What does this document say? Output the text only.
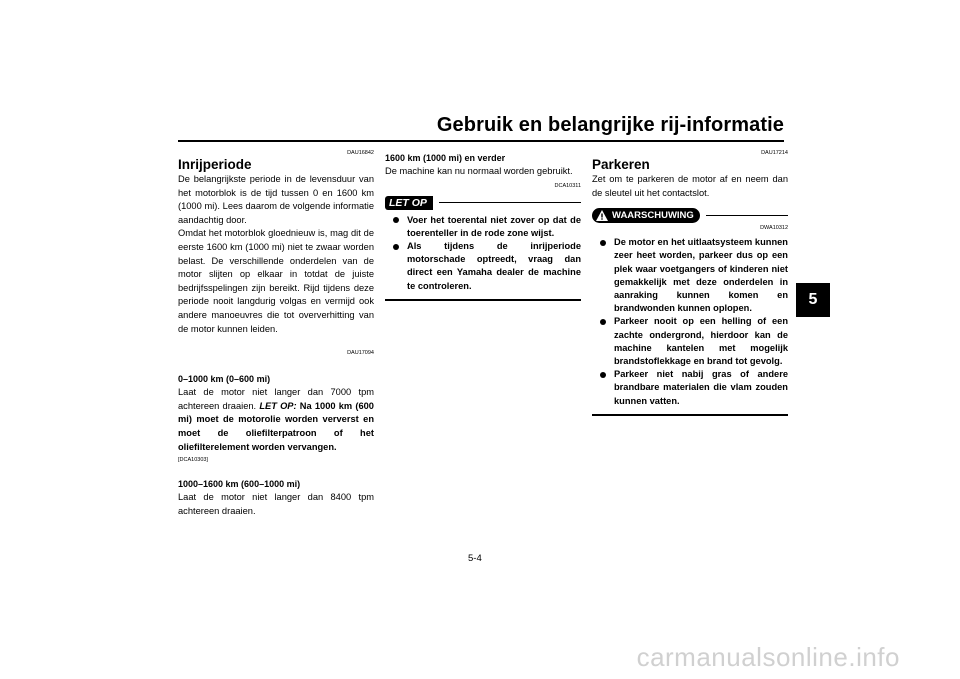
Gebruik en belangrijke rij-informatie
5

DAU16842

Inrijperiode

De belangrijkste periode in de levensduur van het motorblok is de tijd tussen 0 en 1600 km (1000 mi). Lees daarom de volgende informatie aandachtig door.

Omdat het motorblok gloednieuw is, mag dit de eerste 1600 km (1000 mi) niet te zwaar worden belast. De verschillende onderdelen van de motor slijten op elkaar in totdat de juiste bedrijfsspelingen zijn bereikt. Rijd tijdens deze periode nooit langdurig volgas en vermijd ook andere manoeuvres die tot oververhitting van de motor kunnen leiden.

DAU17094

0–1000 km (0–600 mi)

Laat de motor niet langer dan 7000 tpm achtereen draaien. LET OP: Na 1000 km (600 mi) moet de motorolie worden ververst en moet de oliefilterpatroon of het oliefilterelement worden vervangen.

[DCA10303]

1000–1600 km (600–1000 mi)

Laat de motor niet langer dan 8400 tpm achtereen draaien.

1600 km (1000 mi) en verder

De machine kan nu normaal worden gebruikt.

DCA10311

LET OP
Voer het toerental niet zover op dat de toerenteller in de rode zone wijst.
Als tijdens de inrijperiode motorschade optreedt, vraag dan direct een Yamaha dealer de machine te controleren.

DAU17214

Parkeren

Zet om te parkeren de motor af en neem dan de sleutel uit het contactslot.

WAARSCHUWING

DWA10312

De motor en het uitlaatsysteem kunnen zeer heet worden, parkeer dus op een plek waar voetgangers of kinderen niet gemakkelijk met deze onderdelen in aanraking kunnen komen en brandwonden kunnen oplopen.
Parkeer nooit op een helling of een zachte ondergrond, hierdoor kan de machine kantelen met mogelijk brandstoflekkage en brand tot gevolg.
Parkeer niet nabij gras of andere brandbare materialen die vlam zouden kunnen vatten.
5-4
carmanualsonline.info
